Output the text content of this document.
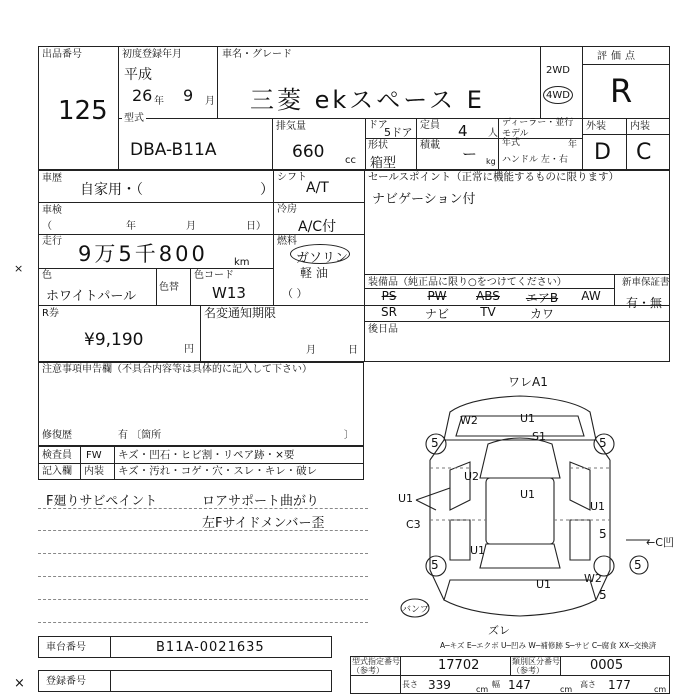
出品番号
125
初度登録年月
平成
26 年 9 月
車名・グレード
三菱 ekスペース E
2WD
4WD
評価点
R
外装 内装
D C
型式
DBA-B11A
排気量
660 cc
ドア
5ドア
形状
箱型
定員 4 人
積載 ー kg
ディーラー・並行
モデル年式	年
ハンドル 左・右
車歴
自家用・（	）
シフト
A/T
セールスポイント（正常に機能するものに限ります）
ナビゲーション付
車検
（	年	月	日）
冷房
A/C付
走行
9万5千800	km
燃料
ガソリン
軽 油
（ ）
色
ホワイトパール
色替
色コード
W13
装備品（純正品に限り○をつけてください）
PS	PW	ABS	エアB	AW
SR	ナビ	TV	カワ
新車保証書
有・無
R券
¥9,190	円
名変通知期限
月	日
後日品
注意事項申告欄（不具合内容等は具体的に記入して下さい）
修復歴	有 〔箇所	〕
検査員
記入欄
FW キズ・凹石・ヒビ割・リペア跡・×要
内装 キズ・汚れ・コゲ・穴・スレ・キレ・破レ
F廻りサビペイント	ロアサポート曲がり
左Fサイドメンバー歪
×
×
ワレA1
W2	U1
S1
5	5
U2
U1
U1
C3
U1
5
U1
5
W2
U1
←C凹
5
5
バンプ
ズレ
A─キズ E─エクボ U─凹み W─補修跡 S─サビ C─腐食 XX─交換済
車台番号	B11A-0021635
登録番号
型式指定番号（参考）	17702	類別区分番号（参考）	0005
長さ 339	cm
幅 147	cm
高さ 177	cm
